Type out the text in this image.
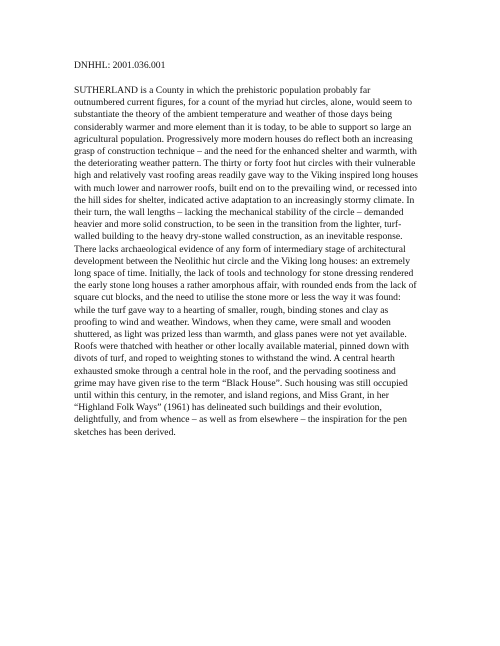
DNHHL: 2001.036.001
SUTHERLAND is a County in which the prehistoric population probably far
outnumbered current figures, for a count of the myriad hut circles, alone, would seem to
substantiate the theory of the ambient temperature and weather of those days being
considerably warmer and more element than it is today, to be able to support so large an
agricultural population. Progressively more modern houses do reflect both an increasing
grasp of construction technique – and the need for the enhanced shelter and warmth, with
the deteriorating weather pattern. The thirty or forty foot hut circles with their vulnerable
high and relatively vast roofing areas readily gave way to the Viking inspired long houses
with much lower and narrower roofs, built end on to the prevailing wind, or recessed into
the hill sides for shelter, indicated active adaptation to an increasingly stormy climate. In
their turn, the wall lengths – lacking the mechanical stability of the circle – demanded
heavier and more solid construction, to be seen in the transition from the lighter, turf-
walled building to the heavy dry-stone walled construction, as an inevitable response.
There lacks archaeological evidence of any form of intermediary stage of architectural
development between the Neolithic hut circle and the Viking long houses: an extremely
long space of time. Initially, the lack of tools and technology for stone dressing rendered
the early stone long houses a rather amorphous affair, with rounded ends from the lack of
square cut blocks, and the need to utilise the stone more or less the way it was found:
while the turf gave way to a hearting of smaller, rough, binding stones and clay as
proofing to wind and weather. Windows, when they came, were small and wooden
shuttered, as light was prized less than warmth, and glass panes were not yet available.
Roofs were thatched with heather or other locally available material, pinned down with
divots of turf, and roped to weighting stones to withstand the wind. A central hearth
exhausted smoke through a central hole in the roof, and the pervading sootiness and
grime may have given rise to the term “Black House”. Such housing was still occupied
until within this century, in the remoter, and island regions, and Miss Grant, in her
“Highland Folk Ways” (1961) has delineated such buildings and their evolution,
delightfully, and from whence – as well as from elsewhere – the inspiration for the pen
sketches has been derived.
